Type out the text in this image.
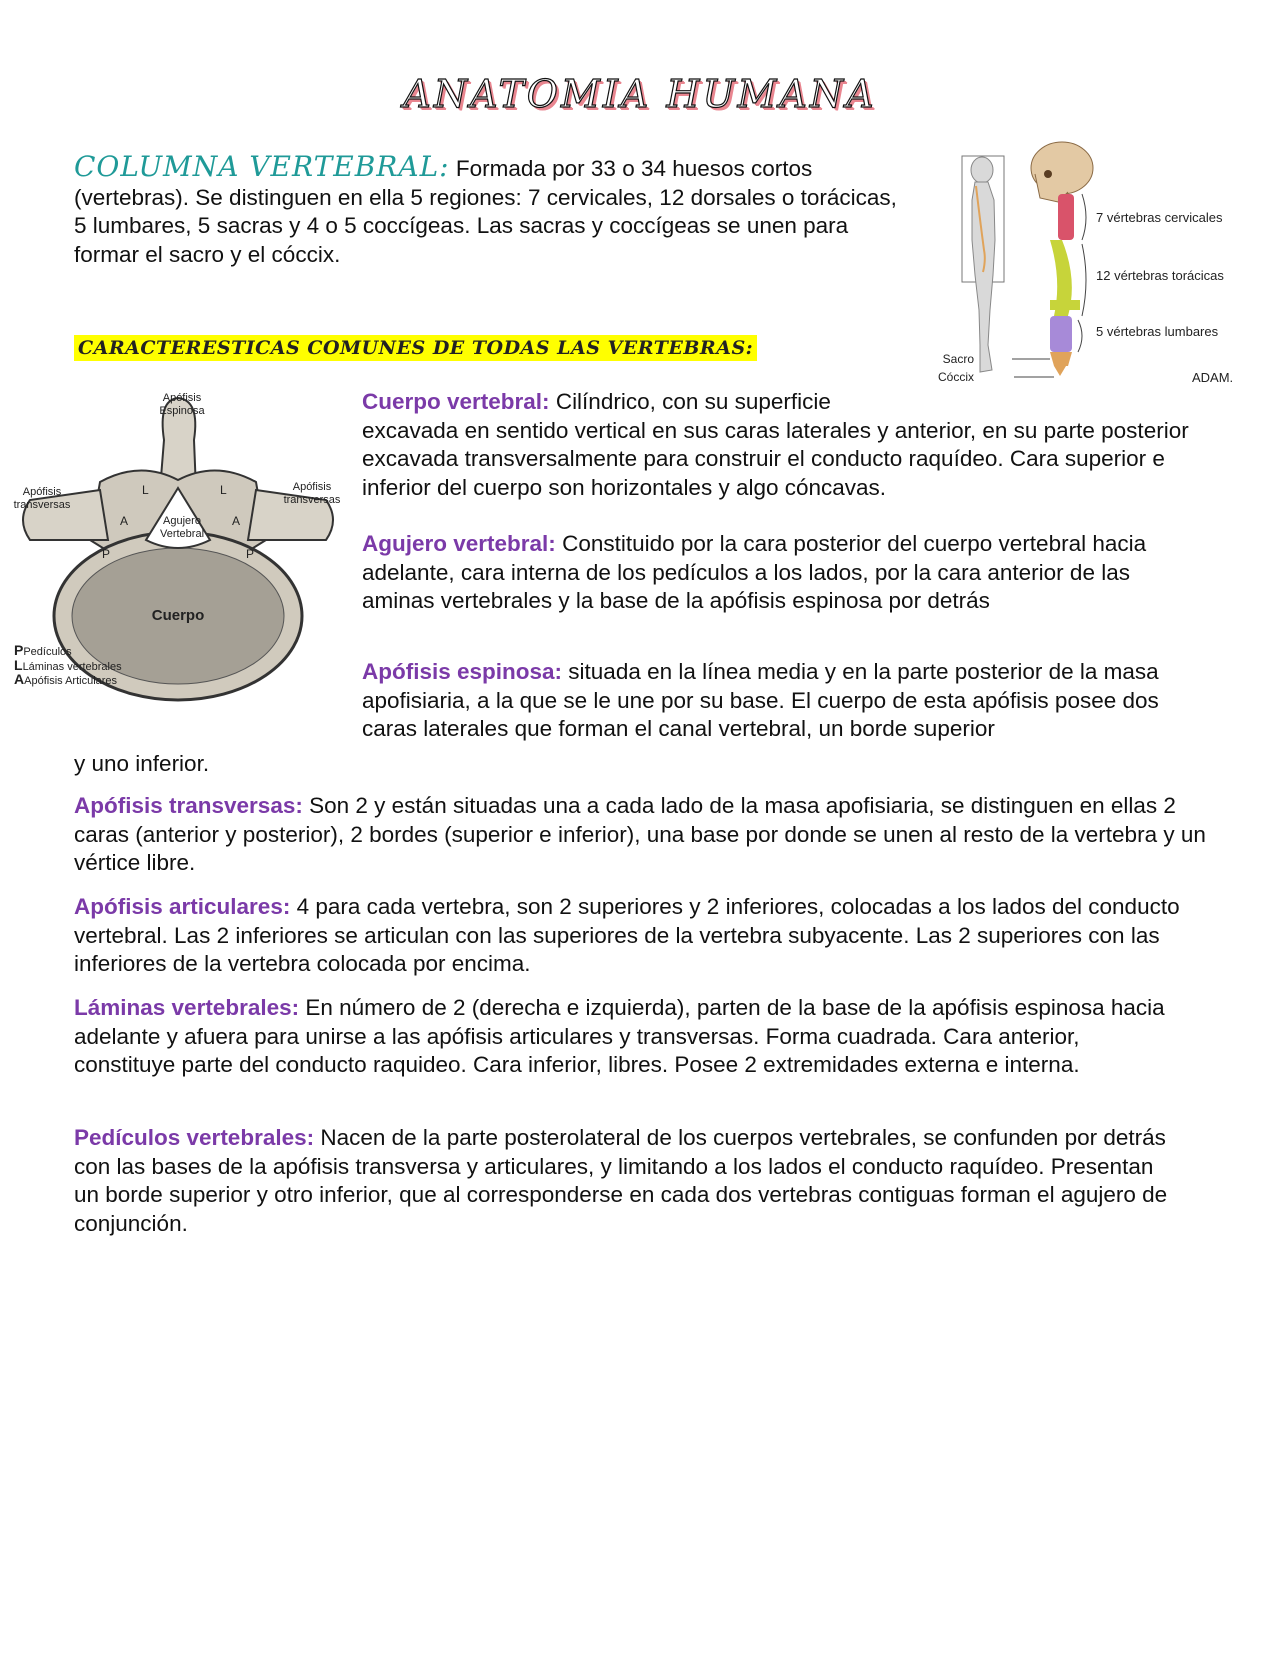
ANATOMIA HUMANA

COLUMNA VERTEBRAL: Formada por 33 o 34 huesos cortos (vertebras). Se distinguen en ella 5 regiones: 7 cervicales, 12 dorsales o torácicas, 5 lumbares, 5 sacras y 4 o 5 coccígeas. Las sacras y coccígeas se unen para formar el sacro y el cóccix.

7 vértebras cervicales
12 vértebras torácicas
5 vértebras lumbares
Sacro
Cóccix	ADAM.
CARACTERESTICAS COMUNES DE TODAS LAS VERTEBRAS:
Apófisis
Espinosa
Apófisis
transversas
Apófisis
transversas
Agujero
Vertebral
Cuerpo
L	L
A	A
P	P
PPedículos
LLáminas vertebrales
AApófisis Articulares

Cuerpo vertebral: Cilíndrico, con su superficie
excavada en sentido vertical en sus caras laterales y anterior, en su parte posterior excavada transversalmente para construir el conducto raquídeo. Cara superior e inferior del cuerpo son horizontales y algo cóncavas.

Agujero vertebral: Constituido por la cara posterior del cuerpo vertebral hacia adelante, cara interna de los pedículos a los lados, por la cara anterior de las aminas vertebrales y la base de la apófisis espinosa por detrás

Apófisis espinosa: situada en la línea media y en la parte posterior de la masa apofisiaria, a la que se le une por su base. El cuerpo de esta apófisis posee dos caras laterales que forman el canal vertebral, un borde superior

y uno inferior.

Apófisis transversas: Son 2 y están situadas una a cada lado de la masa apofisiaria, se distinguen en ellas 2 caras (anterior y posterior), 2 bordes (superior e inferior), una base por donde se unen al resto de la vertebra y un vértice libre.

Apófisis articulares: 4 para cada vertebra, son 2 superiores y 2 inferiores, colocadas a los lados del conducto vertebral. Las 2 inferiores se articulan con las superiores de la vertebra subyacente. Las 2 superiores con las inferiores de la vertebra colocada por encima.

Láminas vertebrales: En número de 2 (derecha e izquierda), parten de la base de la apófisis espinosa hacia adelante y afuera para unirse a las apófisis articulares y transversas. Forma cuadrada. Cara anterior, constituye parte del conducto raquideo. Cara inferior, libres. Posee 2 extremidades externa e interna.

Pedículos vertebrales: Nacen de la parte posterolateral de los cuerpos vertebrales, se confunden por detrás con las bases de la apófisis transversa y articulares, y limitando a los lados el conducto raquídeo. Presentan un borde superior y otro inferior, que al corresponderse en cada dos vertebras contiguas forman el agujero de conjunción.
